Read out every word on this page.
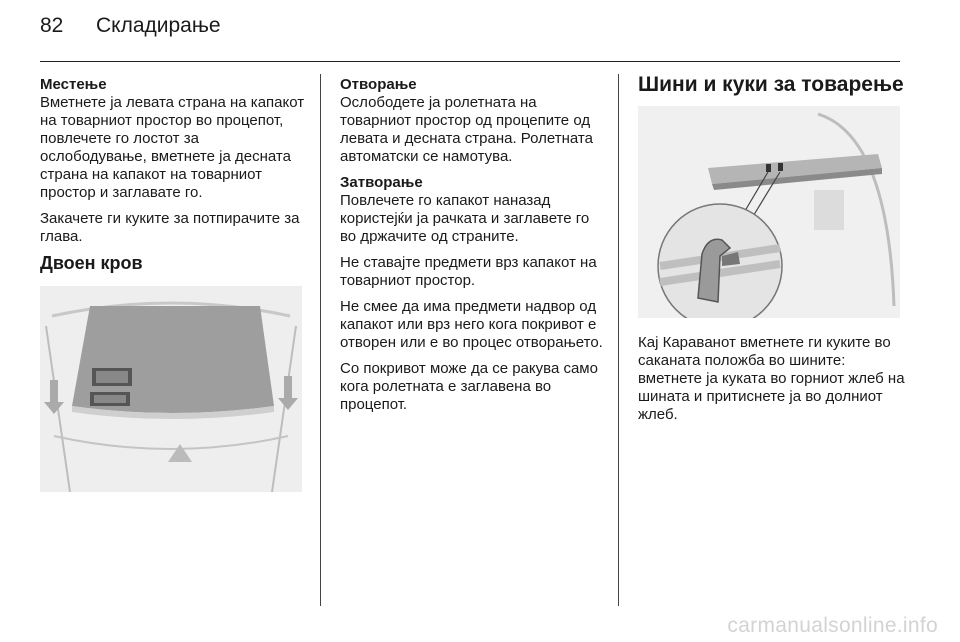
82 Складирање
Местење

Вметнете ја левата страна на капакот на товарниот простор во процепот, повлечете го лостот за ослободување, вметнете ја десната страна на капакот на товарниот простор и заглавате го.

Закачете ги куките за потпирачите за глава.

Двоен кров
Отворање

Ослободете ја ролетната на товарниот простор од процепите од левата и десната страна. Ролетната автоматски се намотува.

Затворање

Повлечете го капакот наназад користејќи ја рачката и заглавете го во држачите од страните.

Не ставајте предмети врз капакот на товарниот простор.

Не смее да има предмети надвор од капакот или врз него кога покривот е отворен или е во процес отворањето.

Со покривот може да се ракува само кога ролетната е заглавена во процепот.

Шини и куки за товарење

Кај Каравaнот вметнете ги куките во саканата положба во шините: вметнете ја куката во горниот жлеб на шината и притиснете ја во долниот жлеб.

carmanualsonline.info
